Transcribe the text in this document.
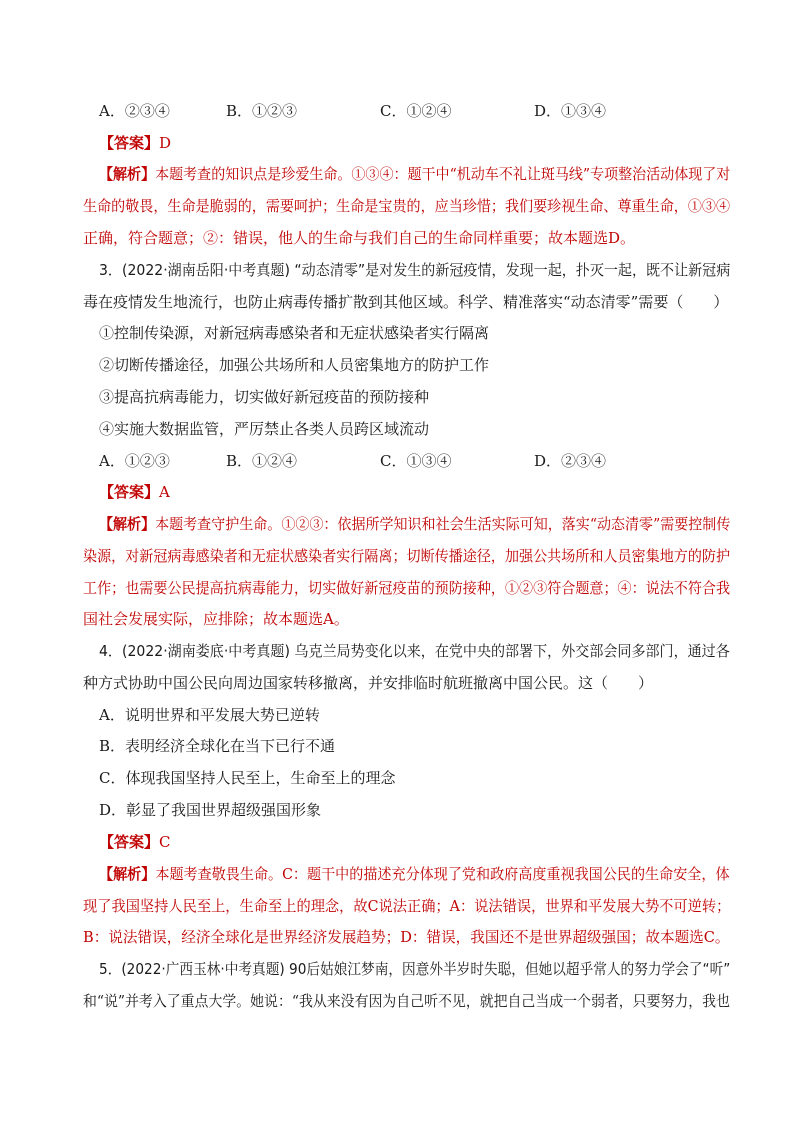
A．②③④	B．①②③	C．①②④	D．①③④
【答案】D
【解析】本题考查的知识点是珍爱生命。①③④：题干中“机动车不礼让斑马线”专项整治活动体现了对
生命的敬畏，生命是脆弱的，需要呵护；生命是宝贵的，应当珍惜；我们要珍视生命、尊重生命，①③④
正确，符合题意；②：错误，他人的生命与我们自己的生命同样重要；故本题选D。
3．(2022·湖南岳阳·中考真题) “动态清零”是对发生的新冠疫情，发现一起，扑灭一起，既不让新冠病
毒在疫情发生地流行，也防止病毒传播扩散到其他区域。科学、精准落实“动态清零”需要（　　）
①控制传染源，对新冠病毒感染者和无症状感染者实行隔离
②切断传播途径，加强公共场所和人员密集地方的防护工作
③提高抗病毒能力，切实做好新冠疫苗的预防接种
④实施大数据监管，严厉禁止各类人员跨区域流动
A．①②③	B．①②④	C．①③④	D．②③④
【答案】A
【解析】本题考查守护生命。①②③：依据所学知识和社会生活实际可知，落实“动态清零”需要控制传
染源，对新冠病毒感染者和无症状感染者实行隔离；切断传播途径，加强公共场所和人员密集地方的防护
工作；也需要公民提高抗病毒能力，切实做好新冠疫苗的预防接种，①②③符合题意；④：说法不符合我
国社会发展实际，应排除；故本题选A。
4．(2022·湖南娄底·中考真题) 乌克兰局势变化以来，在党中央的部署下，外交部会同多部门，通过各
种方式协助中国公民向周边国家转移撤离，并安排临时航班撤离中国公民。这（　　）
A．说明世界和平发展大势已逆转
B．表明经济全球化在当下已行不通
C．体现我国坚持人民至上，生命至上的理念
D．彰显了我国世界超级强国形象
【答案】C
【解析】本题考查敬畏生命。C：题干中的描述充分体现了党和政府高度重视我国公民的生命安全，体
现了我国坚持人民至上，生命至上的理念，故C说法正确；A：说法错误，世界和平发展大势不可逆转；
B：说法错误，经济全球化是世界经济发展趋势；D：错误，我国还不是世界超级强国；故本题选C。
5．(2022·广西玉林·中考真题) 90后姑娘江梦南，因意外半岁时失聪，但她以超乎常人的努力学会了“听”
和“说”并考入了重点大学。她说：“我从来没有因为自己听不见，就把自己当成一个弱者，只要努力，我也
